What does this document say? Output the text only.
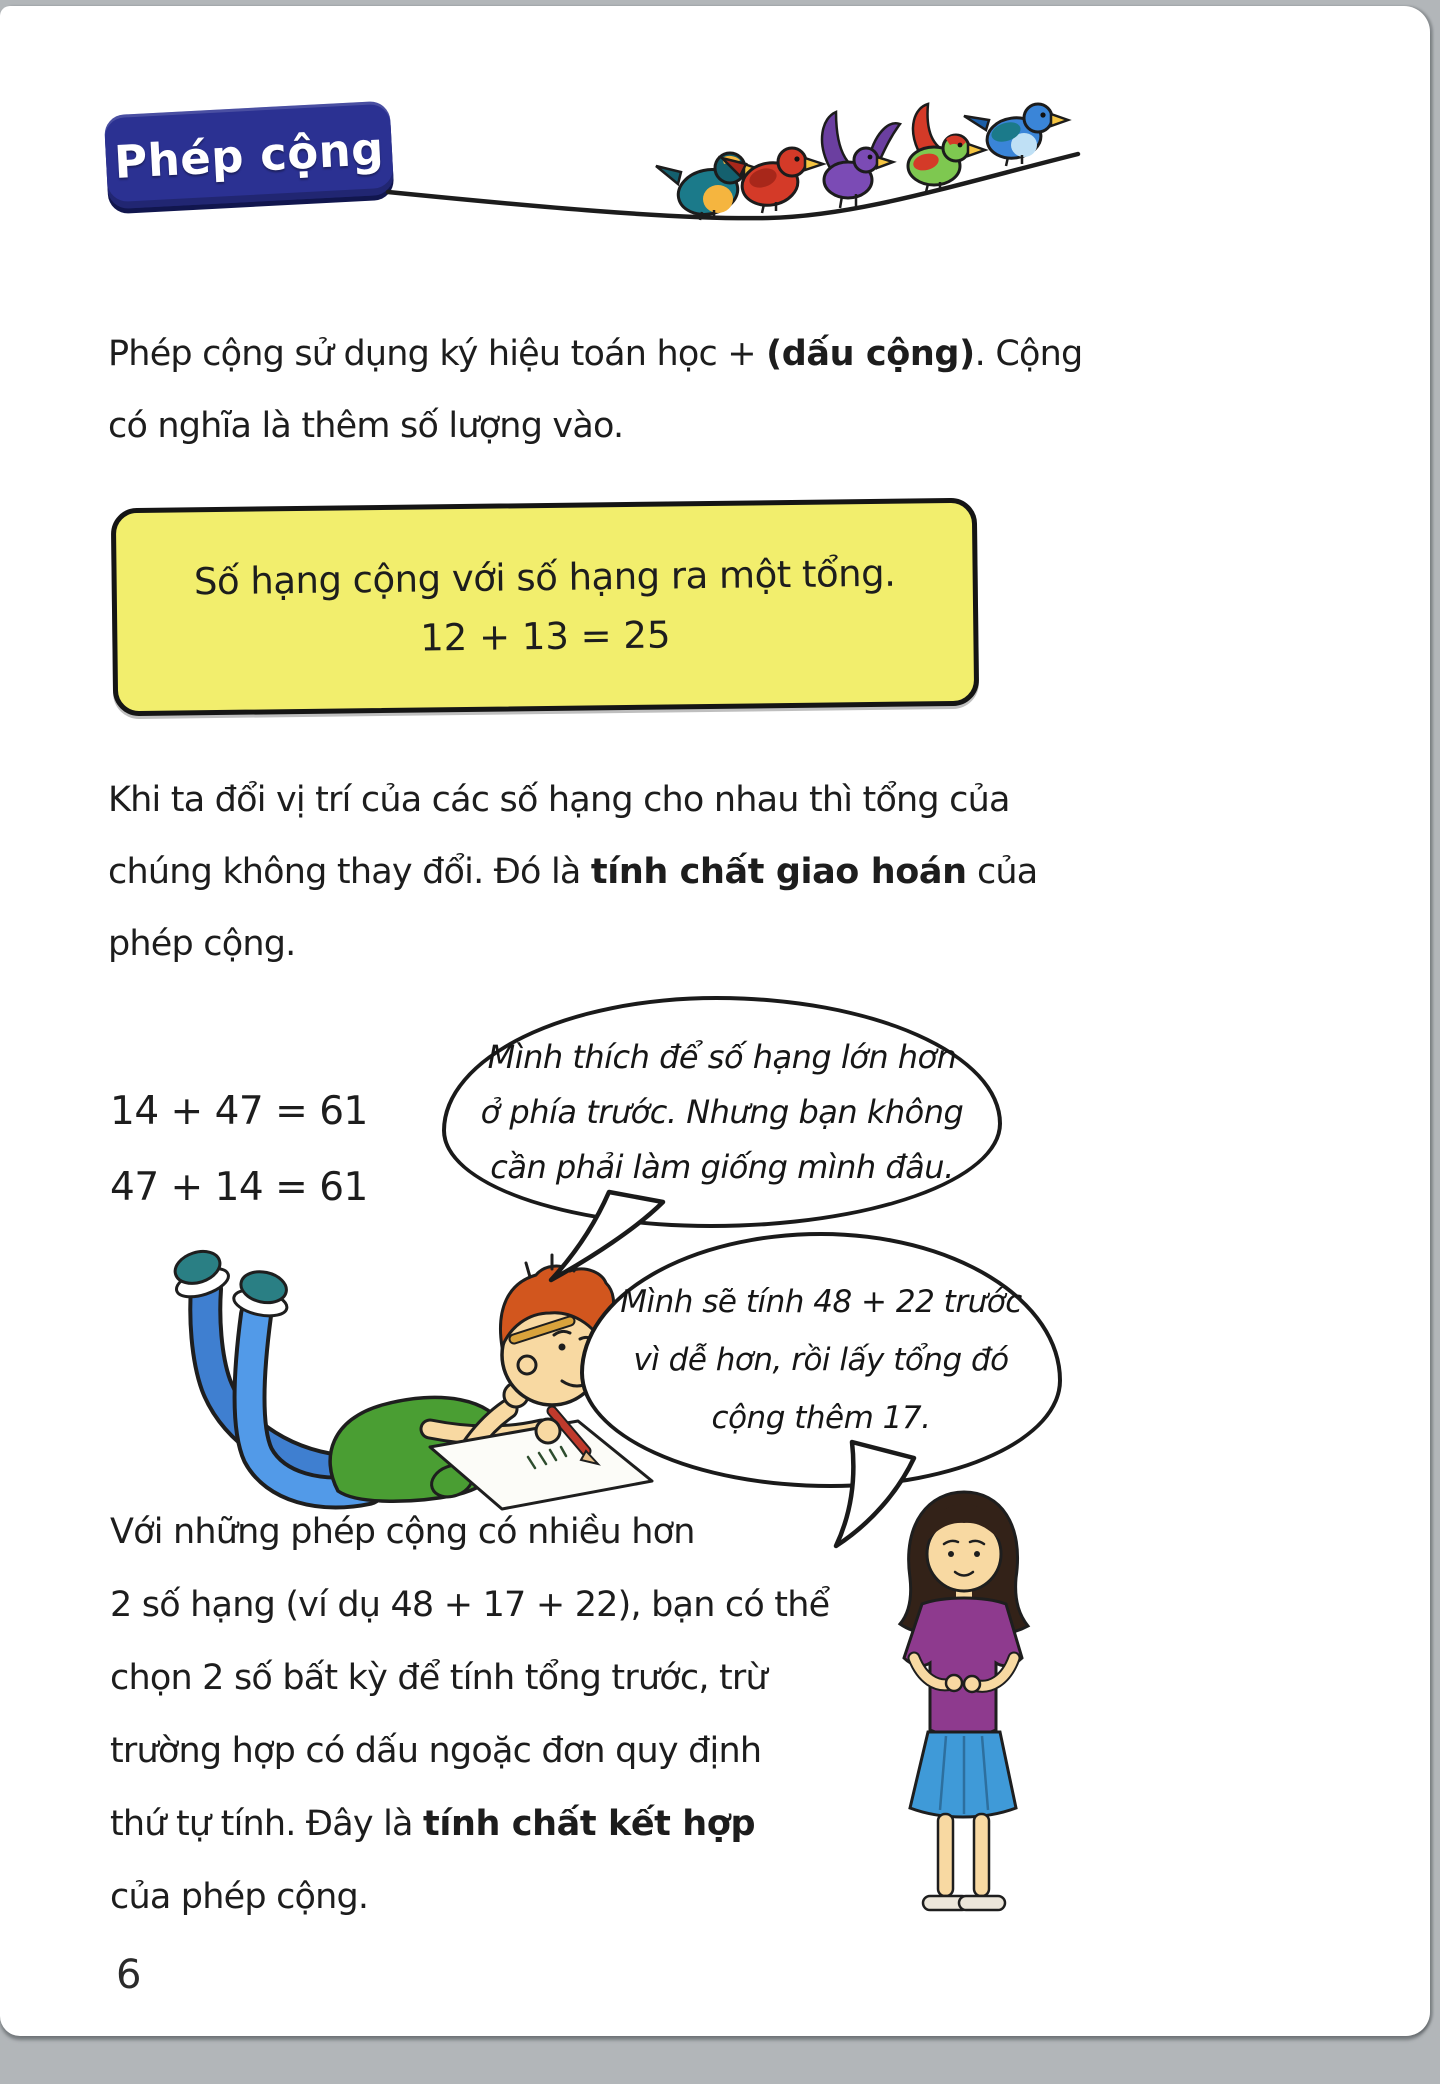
Phép cộng

Phép cộng sử dụng ký hiệu toán học + (dấu cộng). Cộng
có nghĩa là thêm số lượng vào.

Số hạng cộng với số hạng ra một tổng.
12 + 13 = 25

Khi ta đổi vị trí của các số hạng cho nhau thì tổng của
chúng không thay đổi. Đó là tính chất giao hoán của
phép cộng.

14 + 47 = 61
47 + 14 = 61
Mình thích để số hạng lớn hơn
ở phía trước. Nhưng bạn không
cần phải làm giống mình đâu.
Mình sẽ tính 48 + 22 trước
vì dễ hơn, rồi lấy tổng đó
cộng thêm 17.

Với những phép cộng có nhiều hơn
2 số hạng (ví dụ 48 + 17 + 22), bạn có thể
chọn 2 số bất kỳ để tính tổng trước, trừ
trường hợp có dấu ngoặc đơn quy định
thứ tự tính. Đây là tính chất kết hợp
của phép cộng.

6
